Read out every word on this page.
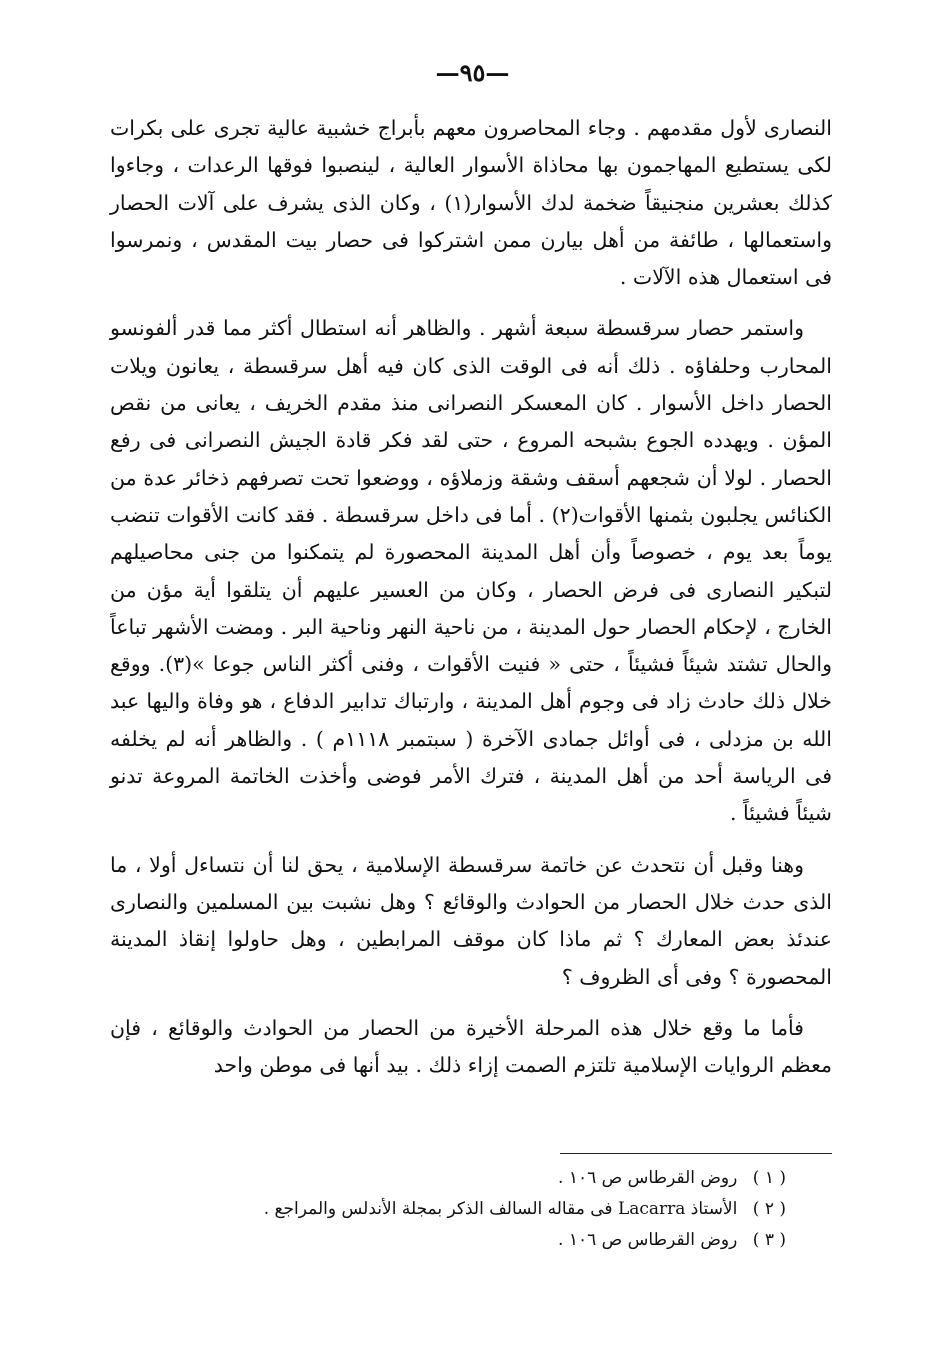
—٩٥—

النصارى لأول مقدمهم . وجاء المحاصرون معهم بأبراج خشبية عالية تجرى على بكرات لكى يستطيع المهاجمون بها محاذاة الأسوار العالية ، لينصبوا فوقها الرعدات ، وجاءوا كذلك بعشرين منجنيقاً ضخمة لدك الأسوار(١) ، وكان الذى يشرف على آلات الحصار واستعمالها ، طائفة من أهل بيارن ممن اشتركوا فى حصار بيت المقدس ، ونمرسوا فى استعمال هذه الآلات .

واستمر حصار سرقسطة سبعة أشهر . والظاهر أنه استطال أكثر مما قدر ألفونسو المحارب وحلفاؤه . ذلك أنه فى الوقت الذى كان فيه أهل سرقسطة ، يعانون ويلات الحصار داخل الأسوار . كان المعسكر النصرانى منذ مقدم الخريف ، يعانى من نقص المؤن . ويهدده الجوع بشبحه المروع ، حتى لقد فكر قادة الجيش النصرانى فى رفع الحصار . لولا أن شجعهم أسقف وشقة وزملاؤه ، ووضعوا تحت تصرفهم ذخائر عدة من الكنائس يجلبون بثمنها الأقوات(٢) . أما فى داخل سرقسطة . فقد كانت الأقوات تنضب يوماً بعد يوم ، خصوصاً وأن أهل المدينة المحصورة لم يتمكنوا من جنى محاصيلهم لتبكير النصارى فى فرض الحصار ، وكان من العسير عليهم أن يتلقوا أية مؤن من الخارج ، لإحكام الحصار حول المدينة ، من ناحية النهر وناحية البر . ومضت الأشهر تباعاً والحال تشتد شيئاً فشيئاً ، حتى « فنيت الأقوات ، وفنى أكثر الناس جوعا »(٣). ووقع خلال ذلك حادث زاد فى وجوم أهل المدينة ، وارتباك تدابير الدفاع ، هو وفاة واليها عبد الله بن مزدلى ، فى أوائل جمادى الآخرة ( سبتمبر ١١١٨م ) . والظاهر أنه لم يخلفه فى الرياسة أحد من أهل المدينة ، فترك الأمر فوضى وأخذت الخاتمة المروعة تدنو شيئاً فشيئاً .

وهنا وقبل أن نتحدث عن خاتمة سرقسطة الإسلامية ، يحق لنا أن نتساءل أولا ، ما الذى حدث خلال الحصار من الحوادث والوقائع ؟ وهل نشبت بين المسلمين والنصارى عندئذ بعض المعارك ؟ ثم ماذا كان موقف المرابطين ، وهل حاولوا إنقاذ المدينة المحصورة ؟ وفى أى الظروف ؟

فأما ما وقع خلال هذه المرحلة الأخيرة من الحصار من الحوادث والوقائع ، فإن معظم الروايات الإسلامية تلتزم الصمت إزاء ذلك . بيد أنها فى موطن واحد

( ١ ) روض القرطاس ص ١٠٦ .
( ٢ ) الأستاذ Lacarra فى مقاله السالف الذكر بمجلة الأندلس والمراجع .
( ٣ ) روض القرطاس ص ١٠٦ .
